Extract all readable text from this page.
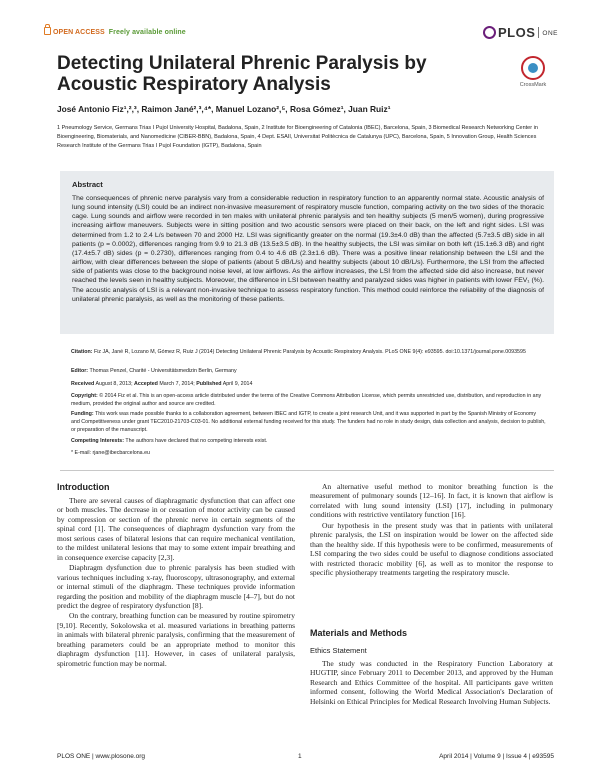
OPEN ACCESS Freely available online	PLOS ONE
Detecting Unilateral Phrenic Paralysis by Acoustic Respiratory Analysis	CrossMark
José Antonio Fiz¹,²,³, Raimon Jané²,³,⁴*, Manuel Lozano²,⁵, Rosa Gómez¹, Juan Ruiz¹
1 Pneumology Service, Germans Trias I Pujol University Hospital, Badalona, Spain, 2 Institute for Bioengineering of Catalonia (IBEC), Barcelona, Spain, 3 Biomedical Research Networking Center in Bioengineering, Biomaterials, and Nanomedicine (CIBER-BBN), Badalona, Spain, 4 Dept. ESAII, Universitat Politècnica de Catalunya (UPC), Barcelona, Spain, 5 Innovation Group, Health Sciences Research Institute of the Germans Trias I Pujol Foundation (IGTP), Badalona, Spain
Abstract
The consequences of phrenic nerve paralysis vary from a considerable reduction in respiratory function to an apparently normal state. Acoustic analysis of lung sound intensity (LSI) could be an indirect non-invasive measurement of respiratory muscle function, comparing activity on the two sides of the thoracic cage. Lung sounds and airflow were recorded in ten males with unilateral phrenic paralysis and ten healthy subjects (5 men/5 women), during progressive increasing airflow maneuvers. Subjects were in sitting position and two acoustic sensors were placed on their back, on the left and right sides. LSI was determined from 1.2 to 2.4 L/s between 70 and 2000 Hz. LSI was significantly greater on the normal (19.3±4.0 dB) than the affected (5.7±3.5 dB) side in all patients (p = 0.0002), differences ranging from 9.9 to 21.3 dB (13.5±3.5 dB). In the healthy subjects, the LSI was similar on both left (15.1±6.3 dB) and right (17.4±5.7 dB) sides (p = 0.2730), differences ranging from 0.4 to 4.6 dB (2.3±1.6 dB). There was a positive linear relationship between the LSI and the airflow, with clear differences between the slope of patients (about 5 dB/L/s) and healthy subjects (about 10 dB/L/s). Furthermore, the LSI from the affected side of patients was close to the background noise level, at low airflows. As the airflow increases, the LSI from the affected side did also increase, but never reached the levels seen in healthy subjects. Moreover, the difference in LSI between healthy and paralyzed sides was higher in patients with lower FEV₁ (%). The acoustic analysis of LSI is a relevant non-invasive technique to assess respiratory function. This method could reinforce the reliability of the diagnosis of unilateral phrenic paralysis, as well as the monitoring of these patients.
Citation: Fiz JA, Jané R, Lozano M, Gómez R, Ruiz J (2014) Detecting Unilateral Phrenic Paralysis by Acoustic Respiratory Analysis. PLoS ONE 9(4): e93595. doi:10.1371/journal.pone.0093595
Editor: Thomas Penzel, Charité - Universitätsmedizin Berlin, Germany
Received August 8, 2013; Accepted March 7, 2014; Published April 9, 2014
Copyright: © 2014 Fiz et al. This is an open-access article distributed under the terms of the Creative Commons Attribution License, which permits unrestricted use, distribution, and reproduction in any medium, provided the original author and source are credited.
Funding: This work was made possible thanks to a collaboration agreement, between IBEC and IGTP, to create a joint research Unit, and it was supported in part by the Spanish Ministry of Economy and Competitiveness under grant TEC2010-21703-C03-01. No additional external funding received for this study. The funders had no role in study design, data collection and analysis, decision to publish, or preparation of the manuscript.
Competing Interests: The authors have declared that no competing interests exist.
* E-mail: rjane@ibecbarcelona.eu
Introduction

There are several causes of diaphragmatic dysfunction that can affect one or both muscles. The decrease in or cessation of motor activity can be caused by compression or section of the phrenic nerve in certain segments of the spinal cord [1]. The consequences of diaphragm dysfunction vary from the most serious cases of bilateral lesions that can require mechanical ventilation, to the mildest unilateral lesions that may to some extent impair breathing and in consequence exercise capacity [2,3].

Diaphragm dysfunction due to phrenic paralysis has been studied with various techniques including x-ray, fluoroscopy, ultrasonography, and external or internal stimuli of the diaphragm. These techniques provide information regarding the position and mobility of the diaphragm muscle [4–7], but do not predict the degree of respiratory dysfunction [8].

On the contrary, breathing function can be measured by routine spirometry [9,10]. Recently, Sokolowska et al. measured variations in breathing patterns in animals with bilateral phrenic paralysis, confirming that the measurement of breathing parameters could be an appropriate method to monitor this diaphragm dysfunction [11]. However, in cases of unilateral paralysis, spirometric function may be normal.

An alternative useful method to monitor breathing function is the measurement of pulmonary sounds [12–16]. In fact, it is known that airflow is correlated with lung sound intensity (LSI) [17], including in pulmonary conditions with restrictive ventilatory function [16].

Our hypothesis in the present study was that in patients with unilateral phrenic paralysis, the LSI on inspiration would be lower on the affected side than the healthy side. If this hypothesis were to be confirmed, measurements of LSI comparing the two sides could be useful to diagnose conditions associated with restricted thoracic mobility [6], as well as to monitor the response to specific physiotherapy treatments targeting the respiratory muscle.

Materials and Methods
Ethics Statement

The study was conducted in the Respiratory Function Laboratory at HUGTIP, since February 2011 to December 2013, and approved by the Human Research and Ethics Committee of the hospital. All participants gave written informed consent, following the World Medical Association's Declaration of Helsinki on Ethical Principles for Medical Research Involving Human Subjects.

PLOS ONE | www.plosone.org	1	April 2014 | Volume 9 | Issue 4 | e93595
